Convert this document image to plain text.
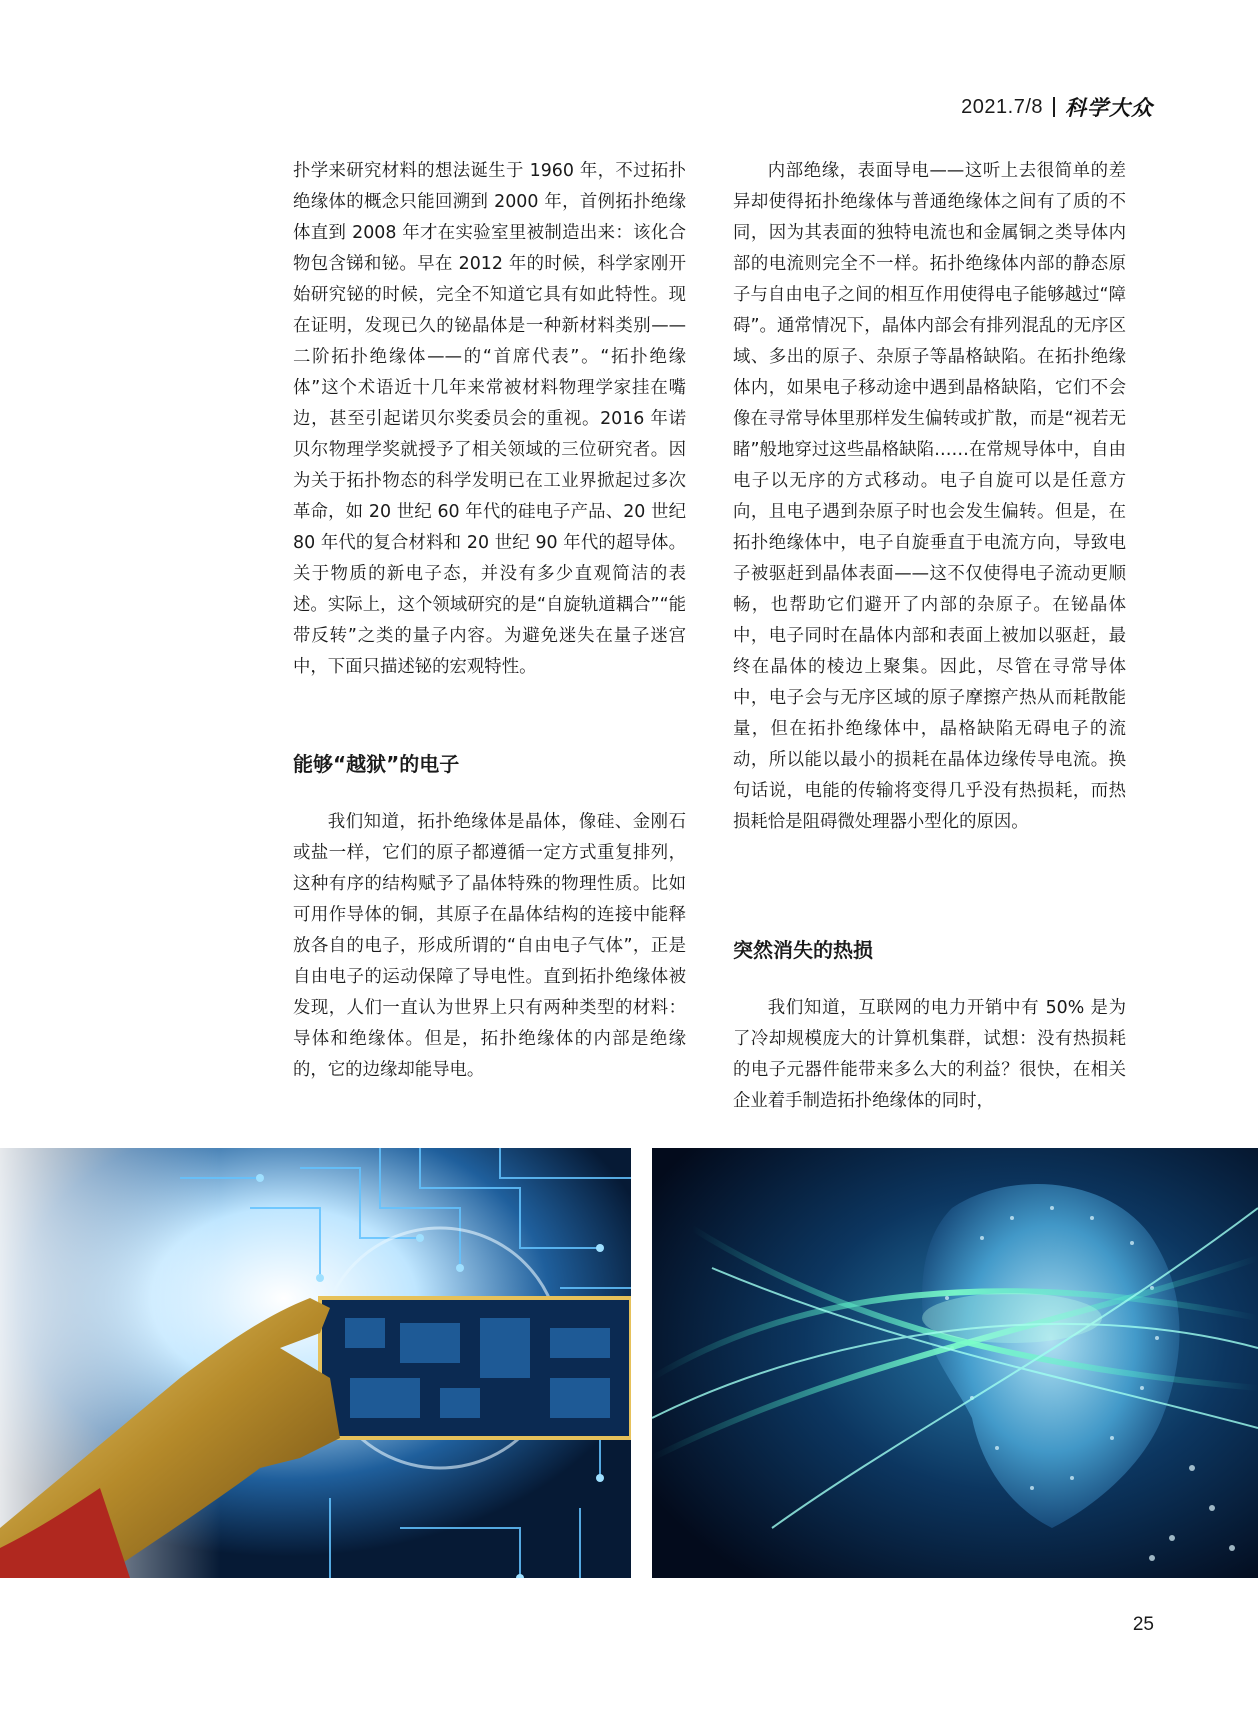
2021.7/8 科学大众

扑学来研究材料的想法诞生于 1960 年，不过拓扑绝缘体的概念只能回溯到 2000 年，首例拓扑绝缘体直到 2008 年才在实验室里被制造出来：该化合物包含锑和铋。早在 2012 年的时候，科学家刚开始研究铋的时候，完全不知道它具有如此特性。现在证明，发现已久的铋晶体是一种新材料类别——二阶拓扑绝缘体——的“首席代表”。“拓扑绝缘体”这个术语近十几年来常被材料物理学家挂在嘴边，甚至引起诺贝尔奖委员会的重视。2016 年诺贝尔物理学奖就授予了相关领域的三位研究者。因为关于拓扑物态的科学发明已在工业界掀起过多次革命，如 20 世纪 60 年代的硅电子产品、20 世纪 80 年代的复合材料和 20 世纪 90 年代的超导体。关于物质的新电子态，并没有多少直观简洁的表述。实际上，这个领域研究的是“自旋轨道耦合”“能带反转”之类的量子内容。为避免迷失在量子迷宫中，下面只描述铋的宏观特性。

能够“越狱”的电子

我们知道，拓扑绝缘体是晶体，像硅、金刚石或盐一样，它们的原子都遵循一定方式重复排列，这种有序的结构赋予了晶体特殊的物理性质。比如可用作导体的铜，其原子在晶体结构的连接中能释放各自的电子，形成所谓的“自由电子气体”，正是自由电子的运动保障了导电性。直到拓扑绝缘体被发现，人们一直认为世界上只有两种类型的材料：导体和绝缘体。但是，拓扑绝缘体的内部是绝缘的，它的边缘却能导电。

内部绝缘，表面导电——这听上去很简单的差异却使得拓扑绝缘体与普通绝缘体之间有了质的不同，因为其表面的独特电流也和金属铜之类导体内部的电流则完全不一样。拓扑绝缘体内部的静态原子与自由电子之间的相互作用使得电子能够越过“障碍”。通常情况下，晶体内部会有排列混乱的无序区域、多出的原子、杂原子等晶格缺陷。在拓扑绝缘体内，如果电子移动途中遇到晶格缺陷，它们不会像在寻常导体里那样发生偏转或扩散，而是“视若无睹”般地穿过这些晶格缺陷……在常规导体中，自由电子以无序的方式移动。电子自旋可以是任意方向，且电子遇到杂原子时也会发生偏转。但是，在拓扑绝缘体中，电子自旋垂直于电流方向，导致电子被驱赶到晶体表面——这不仅使得电子流动更顺畅，也帮助它们避开了内部的杂原子。在铋晶体中，电子同时在晶体内部和表面上被加以驱赶，最终在晶体的棱边上聚集。因此，尽管在寻常导体中，电子会与无序区域的原子摩擦产热从而耗散能量，但在拓扑绝缘体中，晶格缺陷无碍电子的流动，所以能以最小的损耗在晶体边缘传导电流。换句话说，电能的传输将变得几乎没有热损耗，而热损耗恰是阻碍微处理器小型化的原因。

突然消失的热损

我们知道，互联网的电力开销中有 50% 是为了冷却规模庞大的计算机集群，试想：没有热损耗的电子元器件能带来多么大的利益？很快，在相关企业着手制造拓扑绝缘体的同时，

25
